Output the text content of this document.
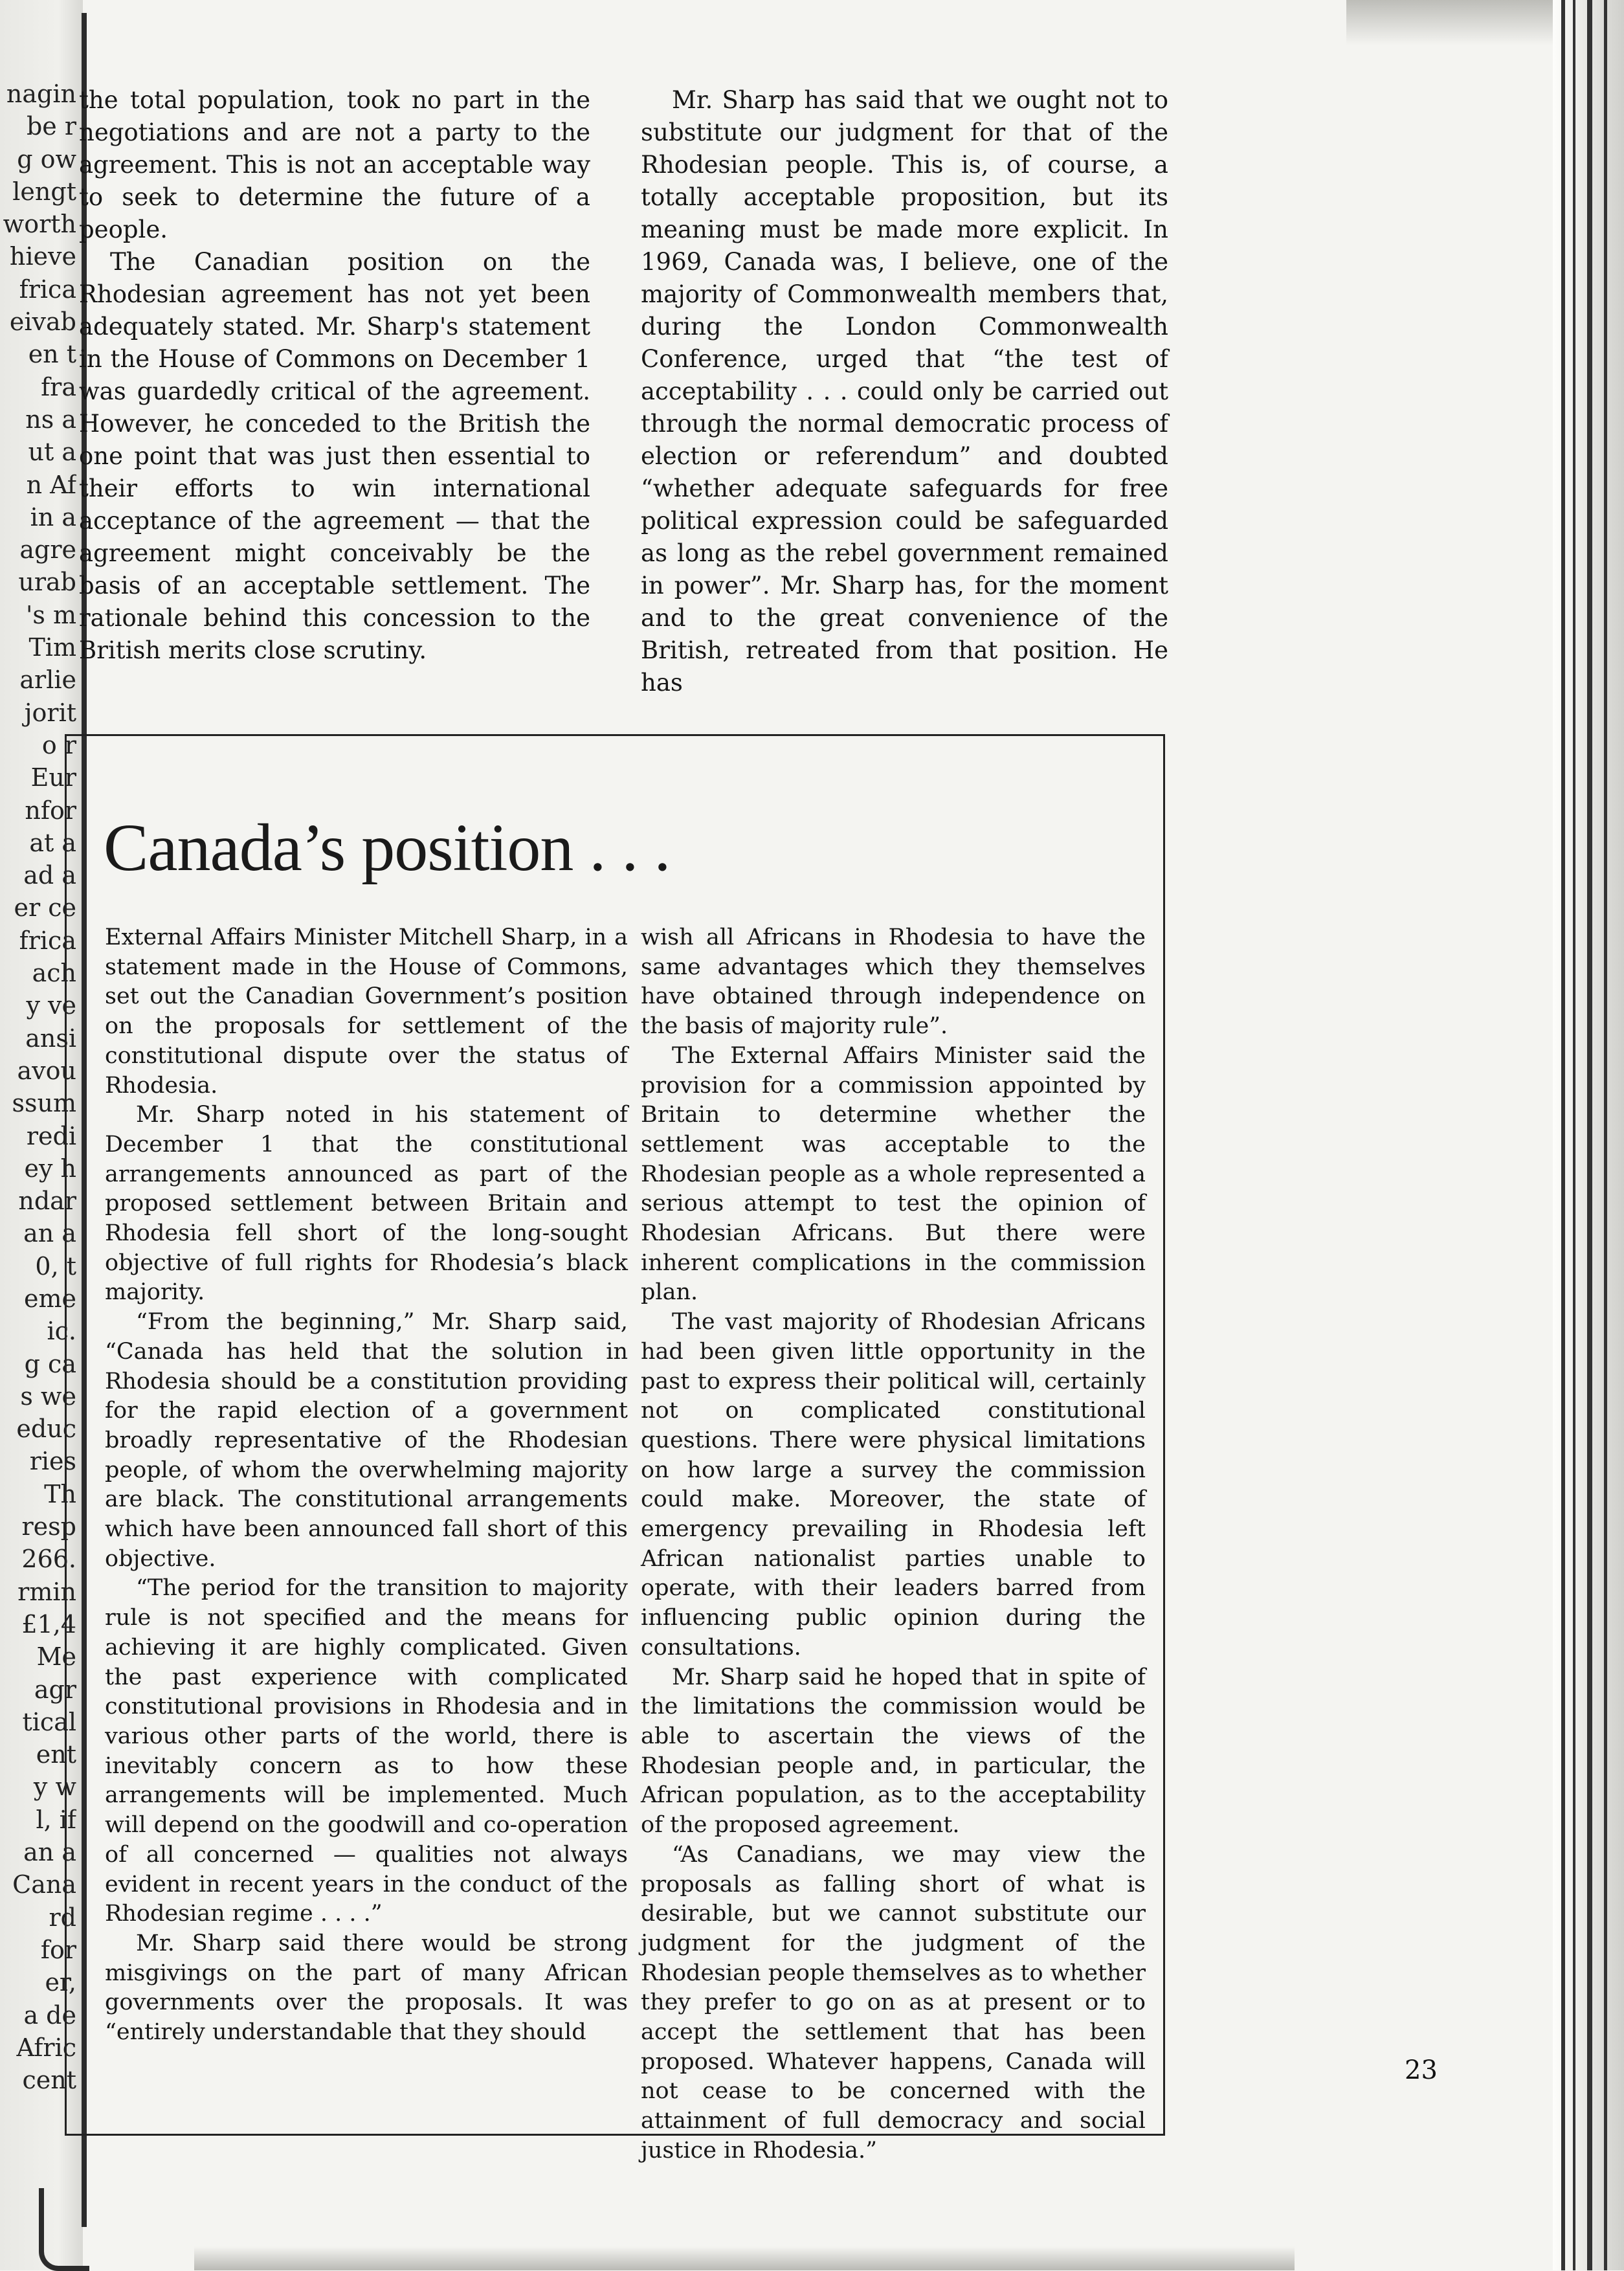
nagin
be r
g ow
lengt
worth
hieve
frica
eivab
en t
fra
ns a
ut a
n Af
in a
agre
urab
's m
Tim
arlie
jorit
o r
Eur
nfor
at a
ad a
er ce
frica
ach
y ve
ansi
avou
ssum
redi
ey h
ndar
an a
0, t
eme
ic.
g ca
s we
educ
ries
Th
resp
266.
rmin
£1,4
Me
agr
tical
ent
y w
l, if
an a
Cana
rd
for
er,
a de
Afric
cent

the total population, took no part in the negotiations and are not a party to the agreement. This is not an acceptable way to seek to determine the future of a people.

The Canadian position on the Rhodesian agreement has not yet been adequately stated. Mr. Sharp's statement in the House of Commons on December 1 was guardedly critical of the agreement. However, he conceded to the British the one point that was just then essential to their efforts to win international acceptance of the agreement — that the agreement might conceivably be the basis of an acceptable settlement. The rationale behind this concession to the British merits close scrutiny.

Mr. Sharp has said that we ought not to substitute our judgment for that of the Rhodesian people. This is, of course, a totally acceptable proposition, but its meaning must be made more explicit. In 1969, Canada was, I believe, one of the majority of Commonwealth members that, during the London Commonwealth Conference, urged that “the test of acceptability . . . could only be carried out through the normal democratic process of election or referendum” and doubted “whether adequate safeguards for free political expression could be safeguarded as long as the rebel government remained in power”. Mr. Sharp has, for the moment and to the great convenience of the British, retreated from that position. He has

Canada’s position . . .

External Affairs Minister Mitchell Sharp, in a statement made in the House of Commons, set out the Canadian Government’s position on the proposals for settlement of the constitutional dispute over the status of Rhodesia.

Mr. Sharp noted in his statement of December 1 that the constitutional arrangements announced as part of the proposed settlement between Britain and Rhodesia fell short of the long-sought objective of full rights for Rhodesia’s black majority.

“From the beginning,” Mr. Sharp said, “Canada has held that the solution in Rhodesia should be a constitution providing for the rapid election of a government broadly representative of the Rhodesian people, of whom the overwhelming majority are black. The constitutional arrangements which have been announced fall short of this objective.

“The period for the transition to majority rule is not specified and the means for achieving it are highly complicated. Given the past experience with complicated constitutional provisions in Rhodesia and in various other parts of the world, there is inevitably concern as to how these arrangements will be implemented. Much will depend on the goodwill and co-operation of all concerned — qualities not always evident in recent years in the conduct of the Rhodesian regime . . . .”

Mr. Sharp said there would be strong misgivings on the part of many African governments over the proposals. It was “entirely understandable that they should

wish all Africans in Rhodesia to have the same advantages which they themselves have obtained through independence on the basis of majority rule”.

The External Affairs Minister said the provision for a commission appointed by Britain to determine whether the settlement was acceptable to the Rhodesian people as a whole represented a serious attempt to test the opinion of Rhodesian Africans. But there were inherent complications in the commission plan.

The vast majority of Rhodesian Africans had been given little opportunity in the past to express their political will, certainly not on complicated constitutional questions. There were physical limitations on how large a survey the commission could make. Moreover, the state of emergency prevailing in Rhodesia left African nationalist parties unable to operate, with their leaders barred from influencing public opinion during the consultations.

Mr. Sharp said he hoped that in spite of the limitations the commission would be able to ascertain the views of the Rhodesian people and, in particular, the African population, as to the acceptability of the proposed agreement.

“As Canadians, we may view the proposals as falling short of what is desirable, but we cannot substitute our judgment for the judgment of the Rhodesian people themselves as to whether they prefer to go on as at present or to accept the settlement that has been proposed. Whatever happens, Canada will not cease to be concerned with the attainment of full democracy and social justice in Rhodesia.”

23
